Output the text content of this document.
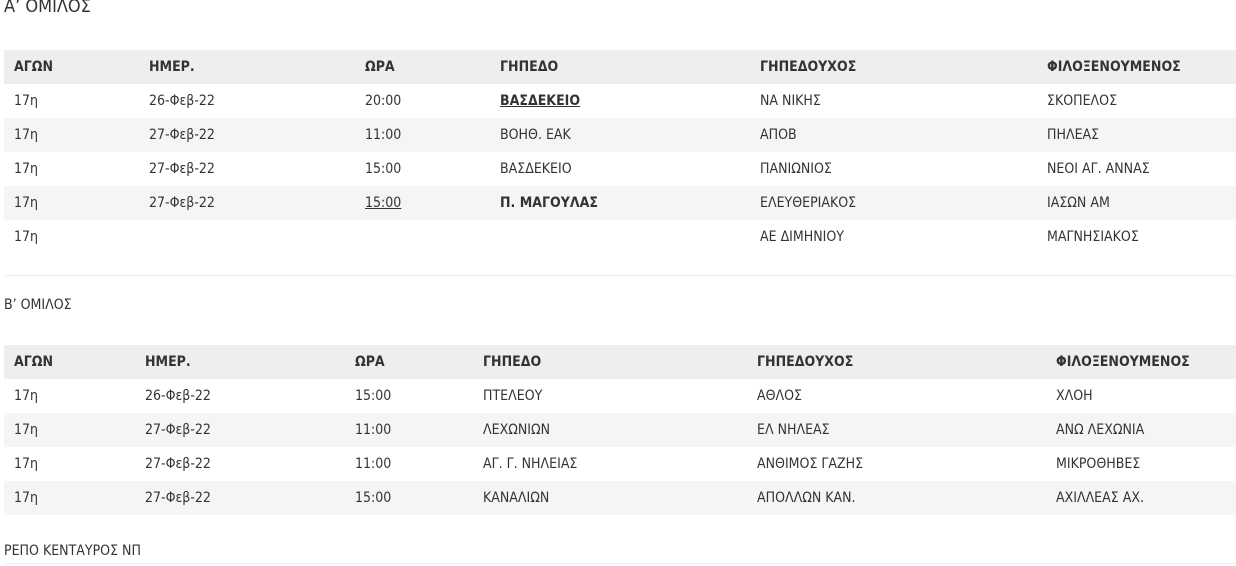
Α’ ΟΜΙΛΟΣ
ΑΓΩΝ	ΗΜΕΡ.	ΩΡΑ	ΓΗΠΕΔΟ	ΓΗΠΕΔΟΥΧΟΣ	ΦΙΛΟΞΕΝΟΥΜΕΝΟΣ
17η	26-Φεβ-22	20:00	ΒΑΣΔΕΚΕΙΟ	ΝΑ ΝΙΚΗΣ	ΣΚΟΠΕΛΟΣ
17η	27-Φεβ-22	11:00	ΒΟΗΘ. ΕΑΚ	ΑΠΟΒ	ΠΗΛΕΑΣ
17η	27-Φεβ-22	15:00	ΒΑΣΔΕΚΕΙΟ	ΠΑΝΙΩΝΙΟΣ	ΝΕΟΙ ΑΓ. ΑΝΝΑΣ
17η	27-Φεβ-22	15:00	Π. ΜΑΓΟΥΛΑΣ	ΕΛΕΥΘΕΡΙΑΚΟΣ	ΙΑΣΩΝ ΑΜ
17η				ΑΕ ΔΙΜΗΝΙΟΥ	ΜΑΓΝΗΣΙΑΚΟΣ

Β’ ΟΜΙΛΟΣ

ΑΓΩΝ	ΗΜΕΡ.	ΩΡΑ	ΓΗΠΕΔΟ	ΓΗΠΕΔΟΥΧΟΣ	ΦΙΛΟΞΕΝΟΥΜΕΝΟΣ
17η	26-Φεβ-22	15:00	ΠΤΕΛΕΟΥ	ΑΘΛΟΣ	ΧΛΟΗ
17η	27-Φεβ-22	11:00	ΛΕΧΩΝΙΩΝ	ΕΛ ΝΗΛΕΑΣ	ΑΝΩ ΛΕΧΩΝΙΑ
17η	27-Φεβ-22	11:00	ΑΓ. Γ. ΝΗΛΕΙΑΣ	ΑΝΘΙΜΟΣ ΓΑΖΗΣ	ΜΙΚΡΟΘΗΒΕΣ
17η	27-Φεβ-22	15:00	ΚΑΝΑΛΙΩΝ	ΑΠΟΛΛΩΝ ΚΑΝ.	ΑΧΙΛΛΕΑΣ ΑΧ.

ΡΕΠΟ ΚΕΝΤΑΥΡΟΣ ΝΠ
